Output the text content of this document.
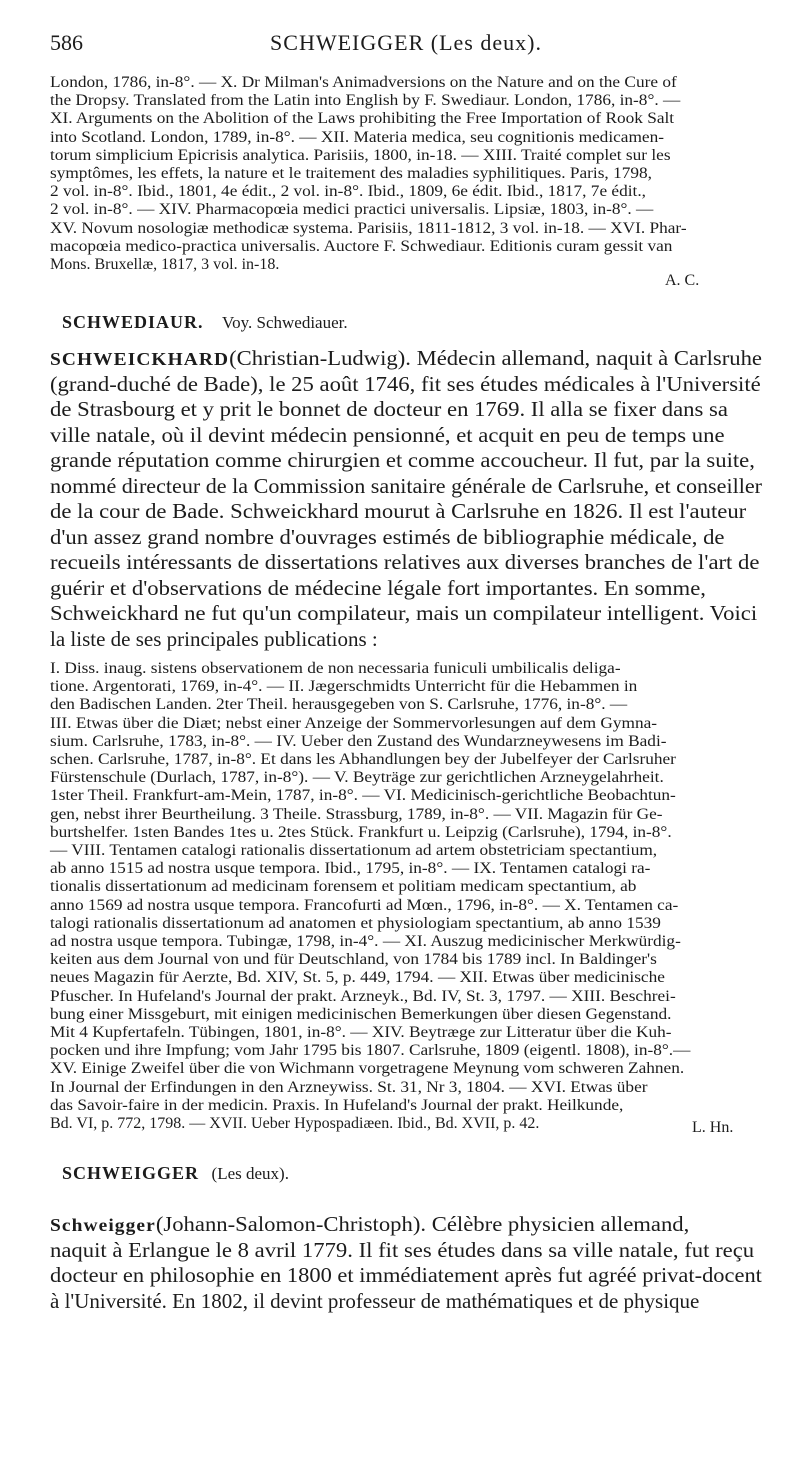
586	SCHWEIGGER (Les deux).
London, 1786, in-8°. — X. Dr Milman's Animadversions on the Nature and on the Cure of
the Dropsy. Translated from the Latin into English by F. Swediaur. London, 1786, in-8°. —
XI. Arguments on the Abolition of the Laws prohibiting the Free Importation of Rook Salt
into Scotland. London, 1789, in-8°. — XII. Materia medica, seu cognitionis medicamen-
torum simplicium Epicrisis analytica. Parisiis, 1800, in-18. — XIII. Traité complet sur les
symptômes, les effets, la nature et le traitement des maladies syphilitiques. Paris, 1798,
2 vol. in-8°. Ibid., 1801, 4e édit., 2 vol. in-8°. Ibid., 1809, 6e édit. Ibid., 1817, 7e édit.,
2 vol. in-8°. — XIV. Pharmacopœia medici practici universalis. Lipsiæ, 1803, in-8°. —
XV. Novum nosologiæ methodicæ systema. Parisiis, 1811-1812, 3 vol. in-18. — XVI. Phar-
macopœia medico-practica universalis. Auctore F. Schwediaur. Editionis curam gessit van
Mons. Bruxellæ, 1817, 3 vol. in-18.
A. C.
SCHWEDIAUR. Voy. Schwediauer.
SCHWEICKHARD(Christian-Ludwig). Médecin allemand, naquit à Carlsruhe
(grand-duché de Bade), le 25 août 1746, fit ses études médicales à l'Université
de Strasbourg et y prit le bonnet de docteur en 1769. Il alla se fixer dans sa
ville natale, où il devint médecin pensionné, et acquit en peu de temps une
grande réputation comme chirurgien et comme accoucheur. Il fut, par la suite,
nommé directeur de la Commission sanitaire générale de Carlsruhe, et conseiller
de la cour de Bade. Schweickhard mourut à Carlsruhe en 1826. Il est l'auteur
d'un assez grand nombre d'ouvrages estimés de bibliographie médicale, de
recueils intéressants de dissertations relatives aux diverses branches de l'art de
guérir et d'observations de médecine légale fort importantes. En somme,
Schweickhard ne fut qu'un compilateur, mais un compilateur intelligent. Voici
la liste de ses principales publications :
I. Diss. inaug. sistens observationem de non necessaria funiculi umbilicalis deliga-
tione. Argentorati, 1769, in-4°. — II. Jægerschmidts Unterricht für die Hebammen in
den Badischen Landen. 2ter Theil. herausgegeben von S. Carlsruhe, 1776, in-8°. —
III. Etwas über die Diæt; nebst einer Anzeige der Sommervorlesungen auf dem Gymna-
sium. Carlsruhe, 1783, in-8°. — IV. Ueber den Zustand des Wundarzneywesens im Badi-
schen. Carlsruhe, 1787, in-8°. Et dans les Abhandlungen bey der Jubelfeyer der Carlsruher
Fürstenschule (Durlach, 1787, in-8°). — V. Beyträge zur gerichtlichen Arzneygelahrheit.
1ster Theil. Frankfurt-am-Mein, 1787, in-8°. — VI. Medicinisch-gerichtliche Beobachtun-
gen, nebst ihrer Beurtheilung. 3 Theile. Strassburg, 1789, in-8°. — VII. Magazin für Ge-
burtshelfer. 1sten Bandes 1tes u. 2tes Stück. Frankfurt u. Leipzig (Carlsruhe), 1794, in-8°.
— VIII. Tentamen catalogi rationalis dissertationum ad artem obstetriciam spectantium,
ab anno 1515 ad nostra usque tempora. Ibid., 1795, in-8°. — IX. Tentamen catalogi ra-
tionalis dissertationum ad medicinam forensem et politiam medicam spectantium, ab
anno 1569 ad nostra usque tempora. Francofurti ad Mœn., 1796, in-8°. — X. Tentamen ca-
talogi rationalis dissertationum ad anatomen et physiologiam spectantium, ab anno 1539
ad nostra usque tempora. Tubingæ, 1798, in-4°. — XI. Auszug medicinischer Merkwürdig-
keiten aus dem Journal von und für Deutschland, von 1784 bis 1789 incl. In Baldinger's
neues Magazin für Aerzte, Bd. XIV, St. 5, p. 449, 1794. — XII. Etwas über medicinische
Pfuscher. In Hufeland's Journal der prakt. Arzneyk., Bd. IV, St. 3, 1797. — XIII. Beschrei-
bung einer Missgeburt, mit einigen medicinischen Bemerkungen über diesen Gegenstand.
Mit 4 Kupfertafeln. Tübingen, 1801, in-8°. — XIV. Beytræge zur Litteratur über die Kuh-
pocken und ihre Impfung; vom Jahr 1795 bis 1807. Carlsruhe, 1809 (eigentl. 1808), in-8°.—
XV. Einige Zweifel über die von Wichmann vorgetragene Meynung vom schweren Zahnen.
In Journal der Erfindungen in den Arzneywiss. St. 31, Nr 3, 1804. — XVI. Etwas über
das Savoir-faire in der medicin. Praxis. In Hufeland's Journal der prakt. Heilkunde,
Bd. VI, p. 772, 1798. — XVII. Ueber Hypospadiæen. Ibid., Bd. XVII, p. 42.	L. Hn.
SCHWEIGGER (Les deux).
Schweigger(Johann-Salomon-Christoph). Célèbre physicien allemand,
naquit à Erlangue le 8 avril 1779. Il fit ses études dans sa ville natale, fut reçu
docteur en philosophie en 1800 et immédiatement après fut agréé privat-docent
à l'Université. En 1802, il devint professeur de mathématiques et de physique
